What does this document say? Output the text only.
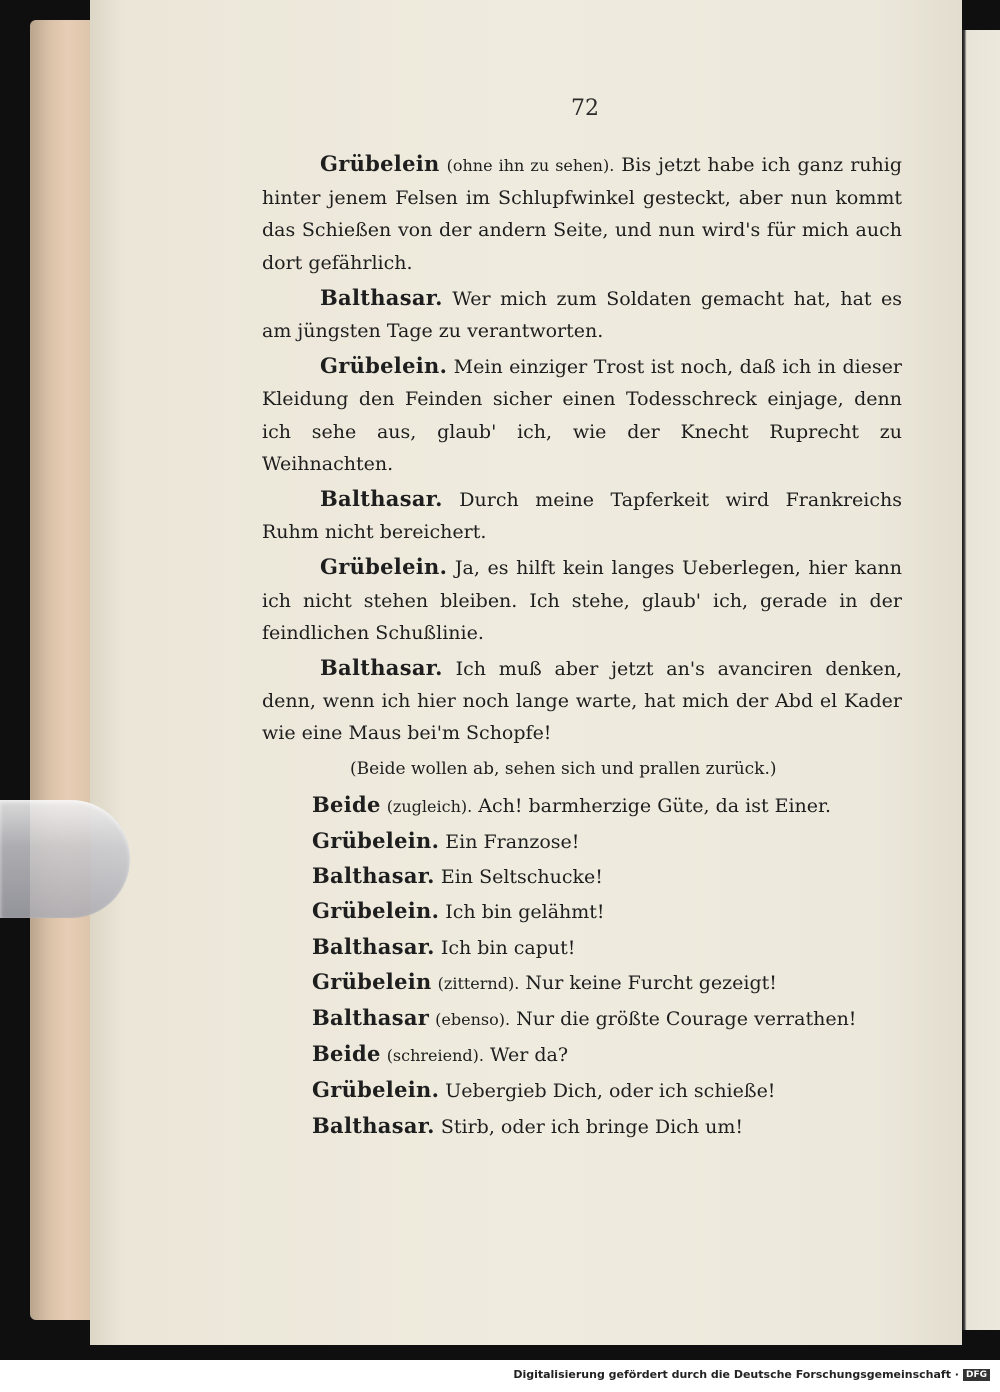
72

Grübelein (ohne ihn zu sehen). Bis jetzt habe ich ganz ruhig hinter jenem Felsen im Schlupfwinkel gesteckt, aber nun kommt das Schießen von der andern Seite, und nun wird's für mich auch dort gefährlich.

Balthasar. Wer mich zum Soldaten gemacht hat, hat es am jüngsten Tage zu verantworten.

Grübelein. Mein einziger Trost ist noch, daß ich in dieser Kleidung den Feinden sicher einen Todesschreck einjage, denn ich sehe aus, glaub' ich, wie der Knecht Ruprecht zu Weihnachten.

Balthasar. Durch meine Tapferkeit wird Frankreichs Ruhm nicht bereichert.

Grübelein. Ja, es hilft kein langes Ueberlegen, hier kann ich nicht stehen bleiben. Ich stehe, glaub' ich, gerade in der feindlichen Schußlinie.

Balthasar. Ich muß aber jetzt an's avanciren denken, denn, wenn ich hier noch lange warte, hat mich der Abd el Kader wie eine Maus bei'm Schopfe!

(Beide wollen ab, sehen sich und prallen zurück.)

Beide (zugleich). Ach! barmherzige Güte, da ist Einer.

Grübelein. Ein Franzose!

Balthasar. Ein Seltschucke!

Grübelein. Ich bin gelähmt!

Balthasar. Ich bin caput!

Grübelein (zitternd). Nur keine Furcht gezeigt!

Balthasar (ebenso). Nur die größte Courage verrathen!

Beide (schreiend). Wer da?

Grübelein. Uebergieb Dich, oder ich schieße!

Balthasar. Stirb, oder ich bringe Dich um!

Digitalisierung gefördert durch die Deutsche Forschungsgemeinschaft · DFG
